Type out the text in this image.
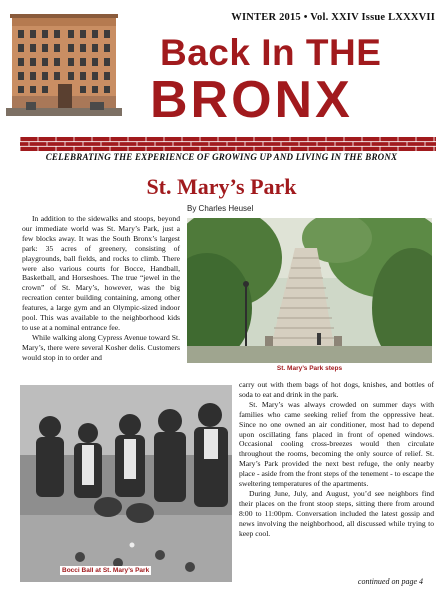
WINTER 2015 • Vol. XXIV Issue LXXXVII
Back In THE
BRONX
CELEBRATING THE EXPERIENCE OF GROWING UP AND LIVING IN THE BRONX
St. Mary’s Park
By Charles Heusel

In addition to the sidewalks and stoops, beyond our immediate world was St. Mary’s Park, just a few blocks away. It was the South Bronx’s largest park: 35 acres of greenery, consisting of playgrounds, ball fields, and rocks to climb. There were also various courts for Bocce, Handball, Basketball, and Horseshoes. The true “jewel in the crown” of St. Mary’s, however, was the big recreation center building containing, among other features, a large gym and an Olympic-sized indoor pool. This was available to the neighborhood kids to use at a nominal entrance fee.

While walking along Cypress Avenue toward St. Mary’s, there were several Kosher delis. Customers would stop in to order and

St. Mary’s Park steps

carry out with them bags of hot dogs, knishes, and bottles of soda to eat and drink in the park.

St. Mary’s was always crowded on summer days with families who came seeking relief from the oppressive heat. Since no one owned an air conditioner, most had to depend upon oscillating fans placed in front of opened windows. Occasional cooling cross-breezes would then circulate throughout the rooms, becoming the only source of relief. St. Mary’s Park provided the next best refuge, the only nearby place - aside from the front steps of the tenement - to escape the sweltering temperatures of the apartments.

During June, July, and August, you’d see neighbors find their places on the front stoop steps, sitting there from around 8:00 to 11:00pm. Conversation included the latest gossip and news involving the neighborhood, all discussed while trying to keep cool.

Bocci Ball at St. Mary’s Park
continued on page 4
